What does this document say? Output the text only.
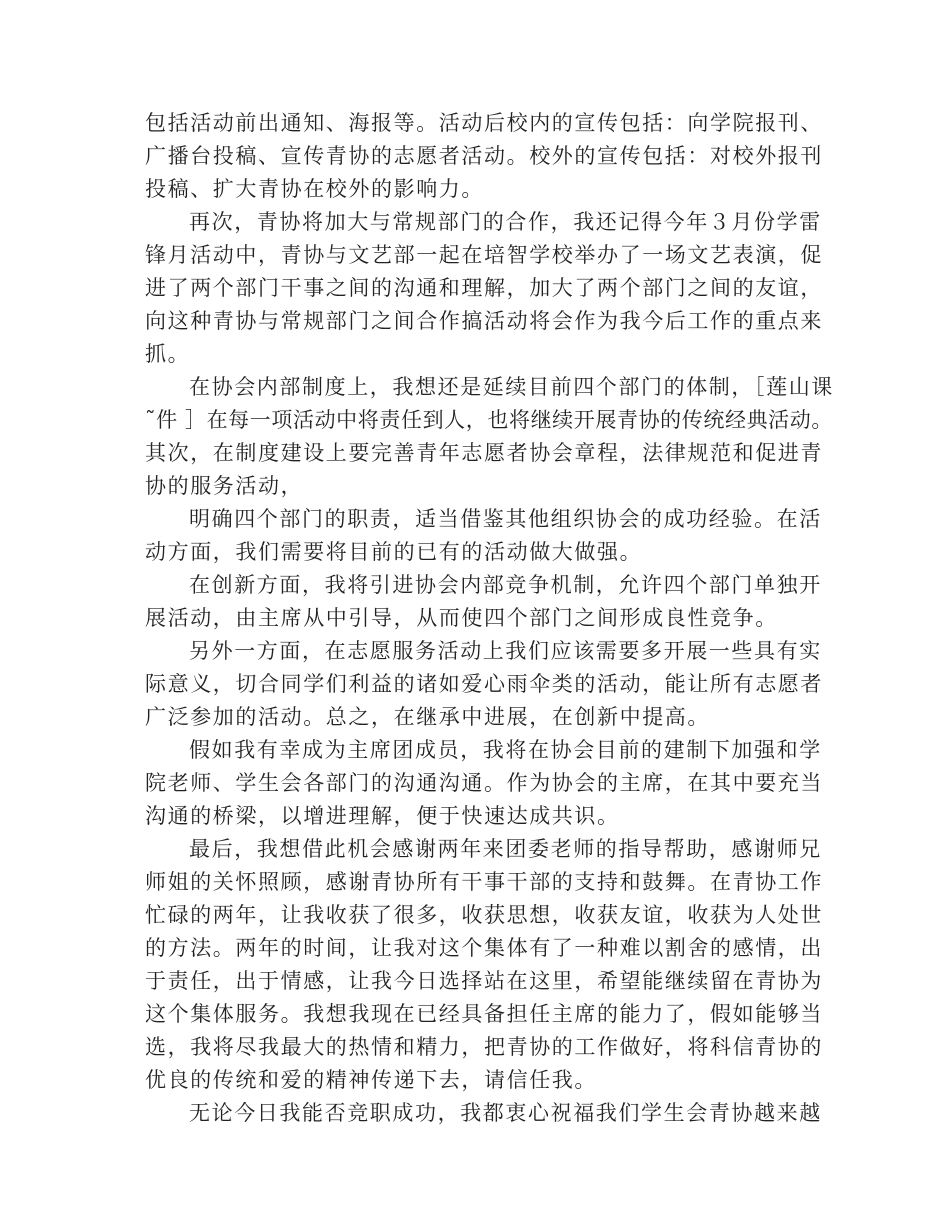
包括活动前出通知、海报等。活动后校内的宣传包括：向学院报刊、
广播台投稿、宣传青协的志愿者活动。校外的宣传包括：对校外报刊
投稿、扩大青协在校外的影响力。
再次，青协将加大与常规部门的合作，我还记得今年３月份学雷
锋月活动中，青协与文艺部一起在培智学校举办了一场文艺表演，促
进了两个部门干事之间的沟通和理解，加大了两个部门之间的友谊，
向这种青协与常规部门之间合作搞活动将会作为我今后工作的重点来
抓。
在协会内部制度上，我想还是延续目前四个部门的体制，［莲山课
˜件 ］在每一项活动中将责任到人，也将继续开展青协的传统经典活动。
其次，在制度建设上要完善青年志愿者协会章程，法律规范和促进青
协的服务活动，
明确四个部门的职责，适当借鉴其他组织协会的成功经验。在活
动方面，我们需要将目前的已有的活动做大做强。
在创新方面，我将引进协会内部竞争机制，允许四个部门单独开
展活动，由主席从中引导，从而使四个部门之间形成良性竞争。
另外一方面，在志愿服务活动上我们应该需要多开展一些具有实
际意义，切合同学们利益的诸如爱心雨伞类的活动，能让所有志愿者
广泛参加的活动。总之，在继承中进展，在创新中提高。
假如我有幸成为主席团成员，我将在协会目前的建制下加强和学
院老师、学生会各部门的沟通沟通。作为协会的主席，在其中要充当
沟通的桥梁，以增进理解，便于快速达成共识。
最后，我想借此机会感谢两年来团委老师的指导帮助，感谢师兄
师姐的关怀照顾，感谢青协所有干事干部的支持和鼓舞。在青协工作
忙碌的两年，让我收获了很多，收获思想，收获友谊，收获为人处世
的方法。两年的时间，让我对这个集体有了一种难以割舍的感情，出
于责任，出于情感，让我今日选择站在这里，希望能继续留在青协为
这个集体服务。我想我现在已经具备担任主席的能力了，假如能够当
选，我将尽我最大的热情和精力，把青协的工作做好，将科信青协的
优良的传统和爱的精神传递下去，请信任我。
无论今日我能否竞职成功，我都衷心祝福我们学生会青协越来越
